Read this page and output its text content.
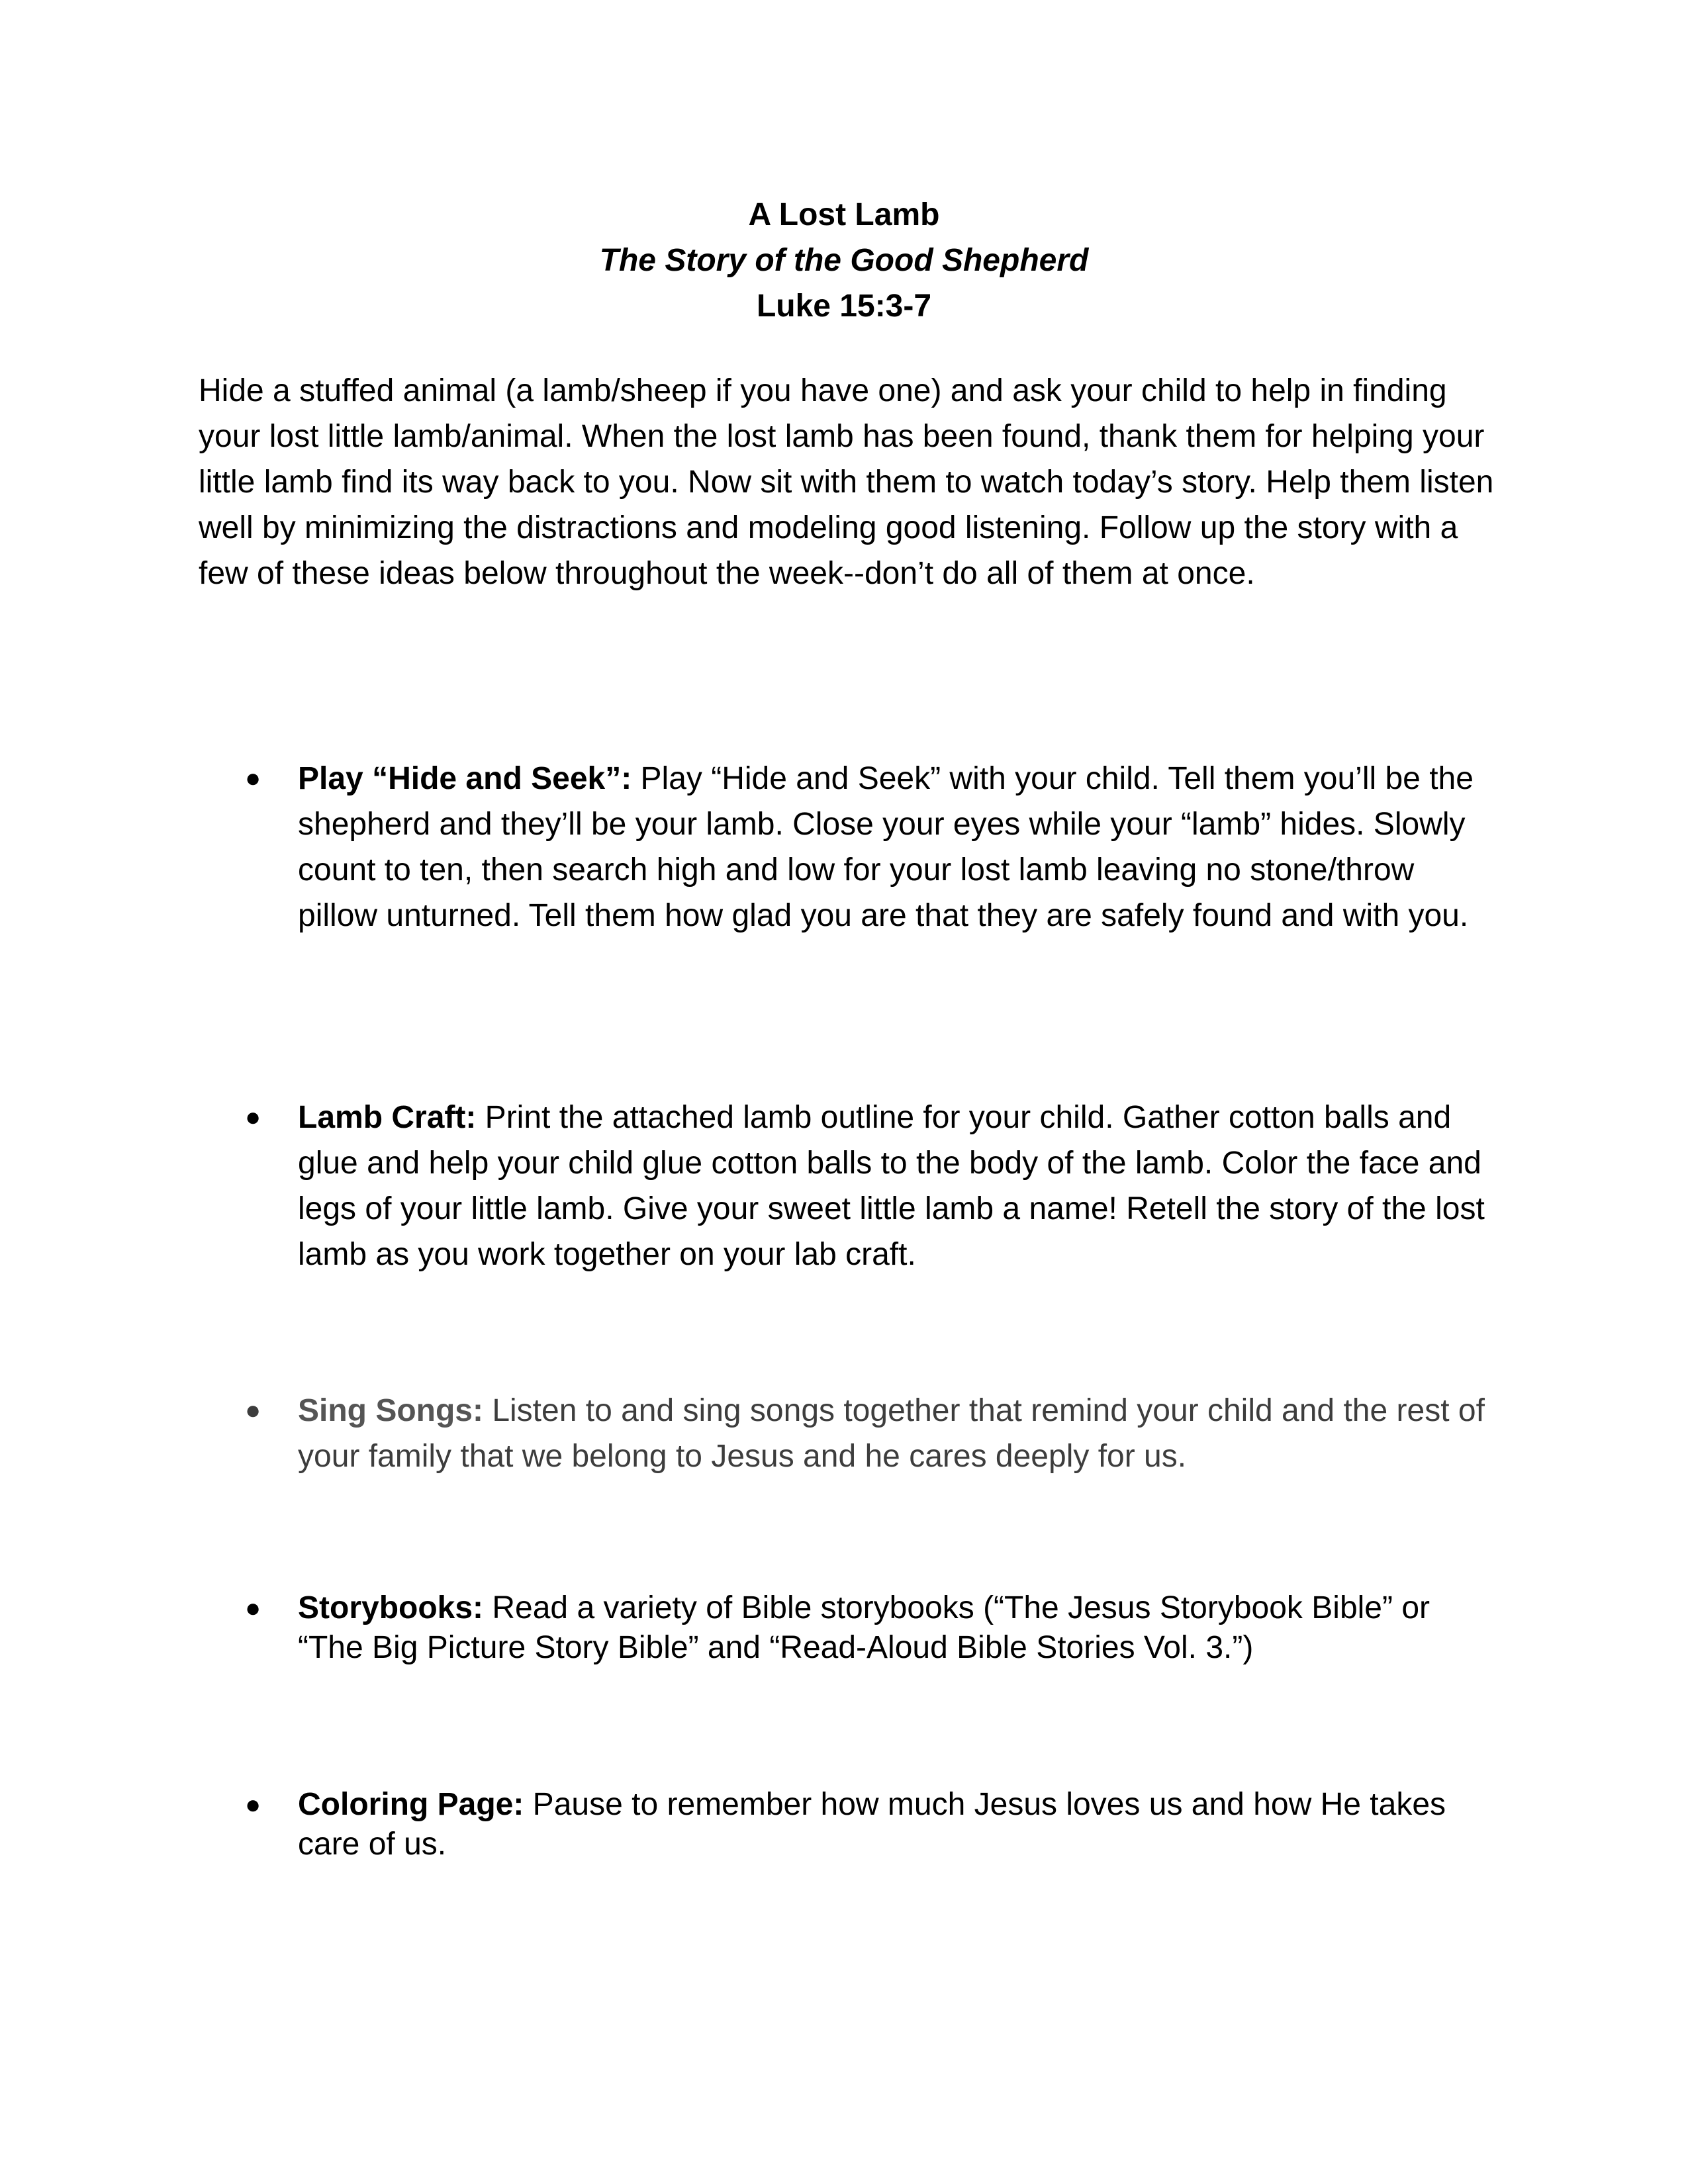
A Lost Lamb
The Story of the Good Shepherd
Luke 15:3-7

Hide a stuffed animal (a lamb/sheep if you have one) and ask your child to help in finding your lost little lamb/animal. When the lost lamb has been found, thank them for helping your little lamb find its way back to you. Now sit with them to watch today’s story. Help them listen well by minimizing the distractions and modeling good listening. Follow up the story with a few of these ideas below throughout the week--don’t do all of them at once.

● Play “Hide and Seek”: Play “Hide and Seek” with your child. Tell them you’ll be the shepherd and they’ll be your lamb. Close your eyes while your “lamb” hides. Slowly count to ten, then search high and low for your lost lamb leaving no stone/throw pillow unturned. Tell them how glad you are that they are safely found and with you.
● Lamb Craft: Print the attached lamb outline for your child. Gather cotton balls and glue and help your child glue cotton balls to the body of the lamb. Color the face and legs of your little lamb. Give your sweet little lamb a name! Retell the story of the lost lamb as you work together on your lab craft.
● Sing Songs: Listen to and sing songs together that remind your child and the rest of your family that we belong to Jesus and he cares deeply for us.
● Storybooks: Read a variety of Bible storybooks (“The Jesus Storybook Bible” or “The Big Picture Story Bible” and “Read-Aloud Bible Stories Vol. 3.”)
● Coloring Page: Pause to remember how much Jesus loves us and how He takes care of us.
